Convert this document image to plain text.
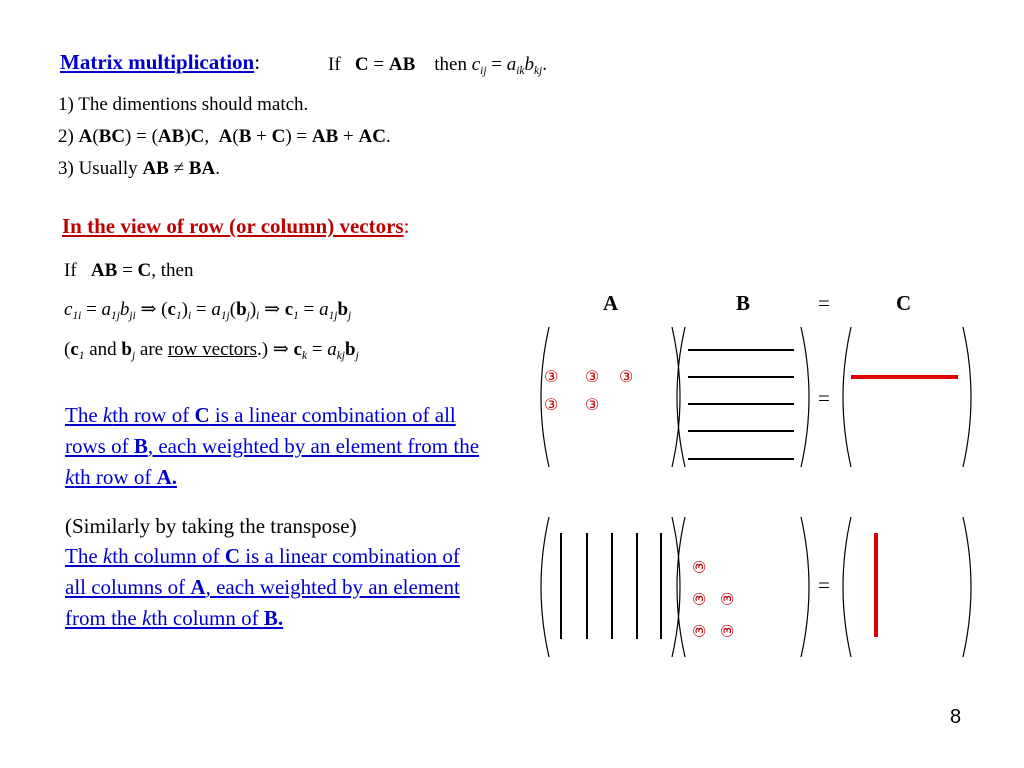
Matrix multiplication:	If C = AB then $c_{ij} = a_{ik}b_{kj}$.
1) The dimentions should match.
2) A(BC) = (AB)C, A(B + C) = AB + AC.
3) Usually AB ≠ BA.
In the view of row (or column) vectors:
If AB = C, then
$c_{1i} = a_{1j}b_{ji}$ ⇒ $(c_1)_i = a_{1j}(b_j)_i$ ⇒ $c_1 = a_{1j}b_j$
($c_1$ and $b_j$ are row vectors.) ⇒ $c_k = a_{kj}b_j$
The kth row of C is a linear combination of all rows of B, each weighted by an element from the kth row of A.
(Similarly by taking the transpose)
The kth column of C is a linear combination of all columns of A, each weighted by an element from the kth column of B.
A	B	C
=
=
③ ③ ③
③ ③
=
③
③ ③
③ ③
8
